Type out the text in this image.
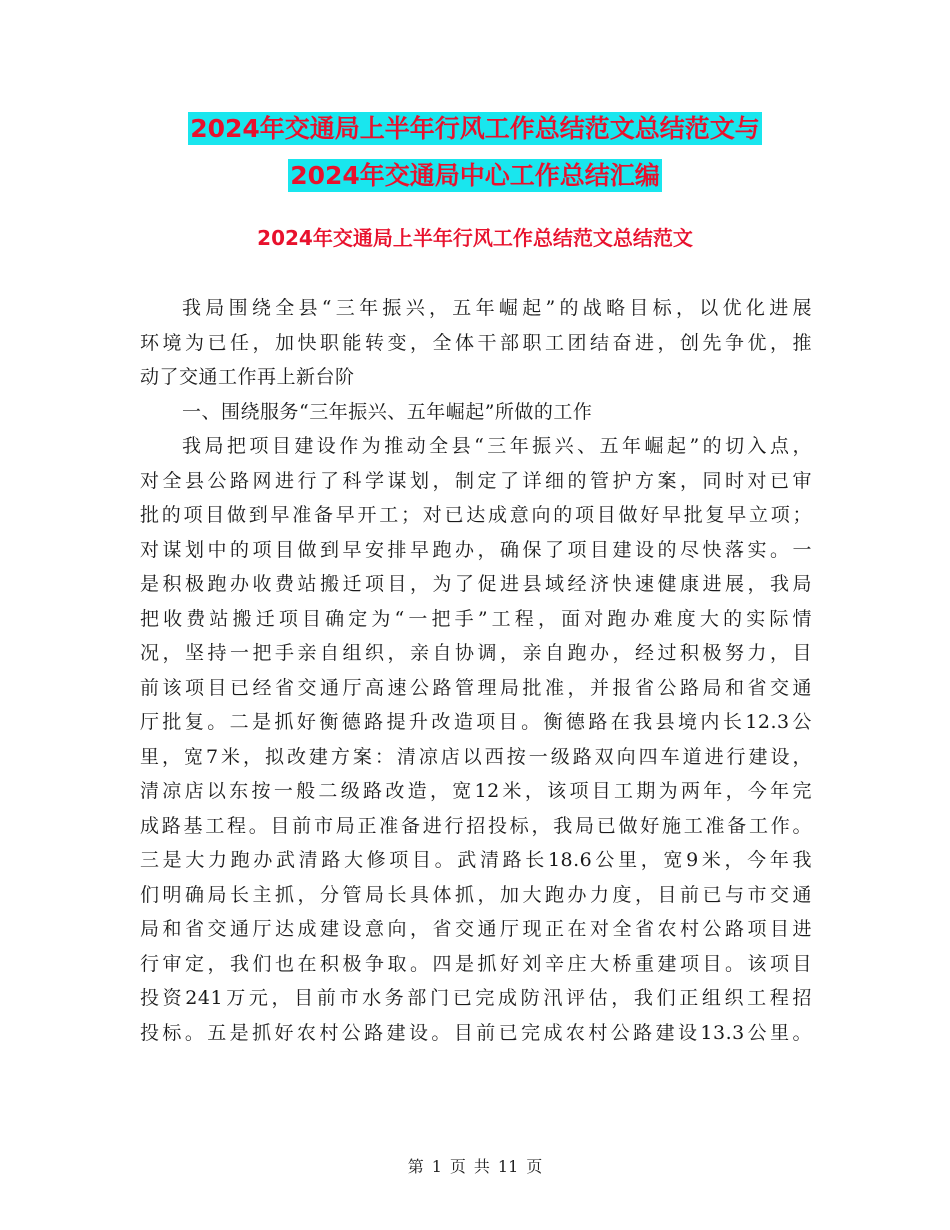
2024年交通局上半年行风工作总结范文总结范文与
2024年交通局中心工作总结汇编
2024年交通局上半年行风工作总结范文总结范文
我局围绕全县“三年振兴，五年崛起”的战略目标，以优化进展
环境为已任，加快职能转变，全体干部职工团结奋进，创先争优，推
动了交通工作再上新台阶
一、围绕服务“三年振兴、五年崛起”所做的工作
我局把项目建设作为推动全县“三年振兴、五年崛起”的切入点，
对全县公路网进行了科学谋划，制定了详细的管护方案，同时对已审
批的项目做到早准备早开工；对已达成意向的项目做好早批复早立项；
对谋划中的项目做到早安排早跑办，确保了项目建设的尽快落实。一
是积极跑办收费站搬迁项目，为了促进县域经济快速健康进展，我局
把收费站搬迁项目确定为“一把手”工程，面对跑办难度大的实际情
况，坚持一把手亲自组织，亲自协调，亲自跑办，经过积极努力，目
前该项目已经省交通厅高速公路管理局批准，并报省公路局和省交通
厅批复。二是抓好衡德路提升改造项目。衡德路在我县境内长12.3公
里，宽7米，拟改建方案：清凉店以西按一级路双向四车道进行建设，
清凉店以东按一般二级路改造，宽12米，该项目工期为两年，今年完
成路基工程。目前市局正准备进行招投标，我局已做好施工准备工作。
三是大力跑办武清路大修项目。武清路长18.6公里，宽9米，今年我
们明确局长主抓，分管局长具体抓，加大跑办力度，目前已与市交通
局和省交通厅达成建设意向，省交通厅现正在对全省农村公路项目进
行审定，我们也在积极争取。四是抓好刘辛庄大桥重建项目。该项目
投资241万元，目前市水务部门已完成防汛评估，我们正组织工程招
投标。五是抓好农村公路建设。目前已完成农村公路建设13.3公里。
第 1 页 共 11 页
